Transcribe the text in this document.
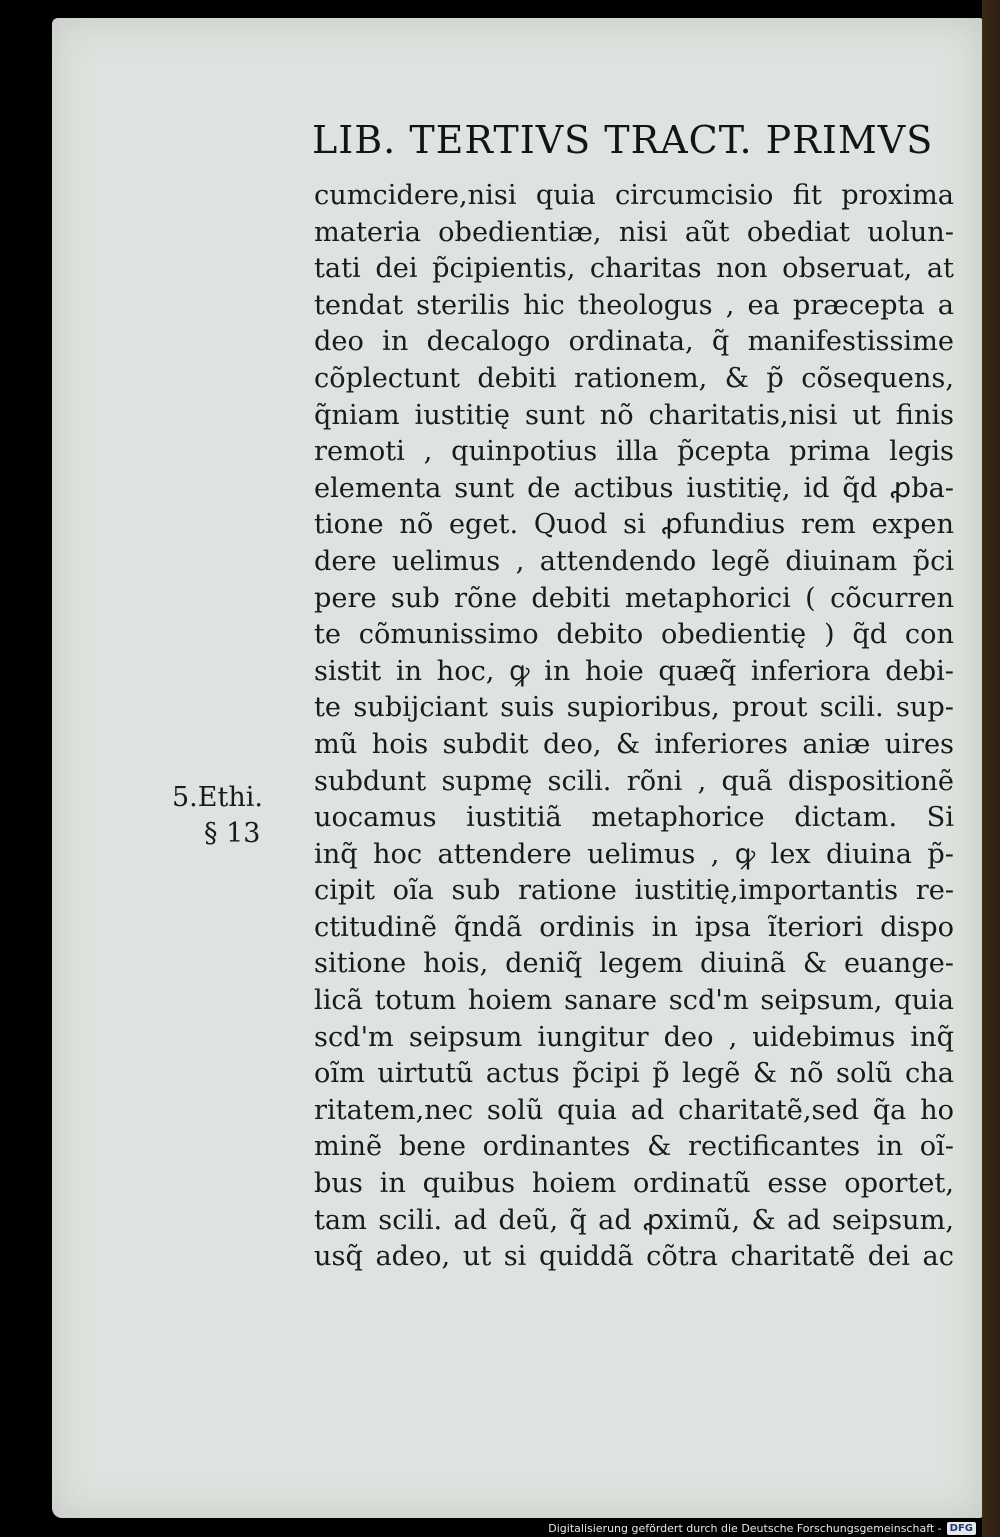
LIB. TERTIVS TRACT. PRIMVS
5.Ethi.
§ 13
cumcidere,nisi quia circumcisio fit proxima
materia obedientiæ, nisi aũt obediat uolun-
tati dei p̃cipientis, charitas non obseruat, at
tendat sterilis hic theologus , ea præcepta a
deo in decalogo ordinata, q̃ manifestissime
cõplectunt debiti rationem, & p̃ cõsequens,
q̃niam iustitię sunt nõ charitatis,nisi ut finis
remoti , quinpotius illa p̃cepta prima legis
elementa sunt de actibus iustitię, id q̃d ꝓba-
tione nõ eget. Quod si ꝓfundius rem expen
dere uelimus , attendendo legẽ diuinam p̃ci
pere sub rõne debiti metaphorici ( cõcurren
te cõmunissimo debito obedientię ) q̃d con
sistit in hoc, ꝙ in hoie quæq̃ inferiora debi-
te subijciant suis supioribus, prout scili. sup-
mũ hois subdit deo, & inferiores aniæ uires
subdunt supmę scili. rõni , quã dispositionẽ
uocamus iustitiã metaphorice dictam. Si
inq̃ hoc attendere uelimus , ꝙ lex diuina p̃-
cipit oĩa sub ratione iustitię,importantis re-
ctitudinẽ q̃ndã ordinis in ipsa ĩteriori dispo
sitione hois, deniq̃ legem diuinã & euange-
licã totum hoiem sanare scd'm seipsum, quia
scd'm seipsum iungitur deo , uidebimus inq̃
oĩm uirtutũ actus p̃cipi p̃ legẽ & nõ solũ cha
ritatem,nec solũ quia ad charitatẽ,sed q̃a ho
minẽ bene ordinantes & rectificantes in oĩ-
bus in quibus hoiem ordinatũ esse oportet,
tam scili. ad deũ, q̃ ad ꝓximũ, & ad seipsum,
usq̃ adeo, ut si quiddã cõtra charitatẽ dei ac
Digitalisierung gefördert durch die Deutsche Forschungsgemeinschaft - DFG
